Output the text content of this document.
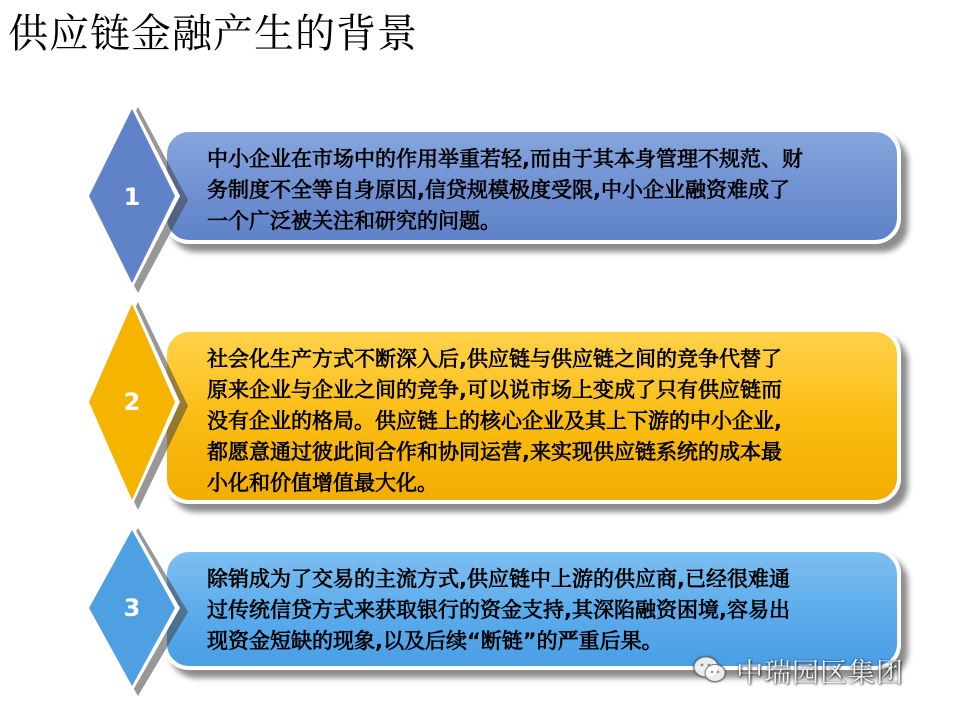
供应链金融产生的背景
中小企业在市场中的作用举重若轻,而由于其本身管理不规范、财
务制度不全等自身原因,信贷规模极度受限,中小企业融资难成了
一个广泛被关注和研究的问题。
1
社会化生产方式不断深入后,供应链与供应链之间的竞争代替了
原来企业与企业之间的竞争,可以说市场上变成了只有供应链而
没有企业的格局。供应链上的核心企业及其上下游的中小企业,
都愿意通过彼此间合作和协同运营,来实现供应链系统的成本最
小化和价值增值最大化。
2
除销成为了交易的主流方式,供应链中上游的供应商,已经很难通
过传统信贷方式来获取银行的资金支持,其深陷融资困境,容易出
现资金短缺的现象,以及后续“断链”的严重后果。
3
中瑞园区集团
